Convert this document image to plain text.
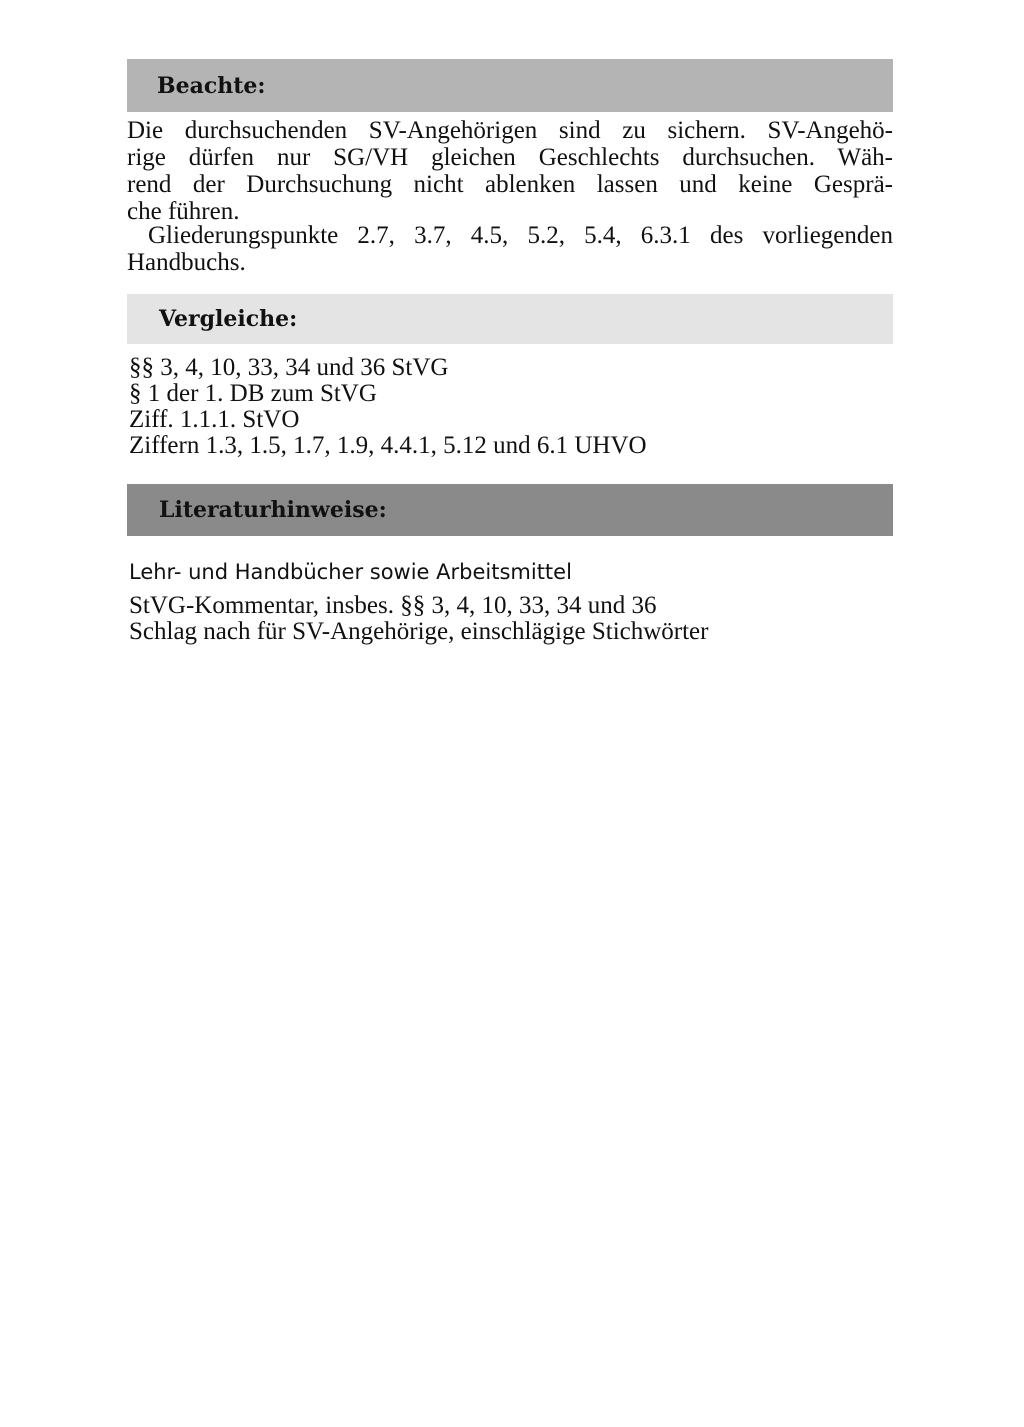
Beachte:

Die durchsuchenden SV-Angehörigen sind zu sichern. SV-Angehö-
rige dürfen nur SG/VH gleichen Geschlechts durchsuchen. Wäh-
rend der Durchsuchung nicht ablenken lassen und keine Gesprä-
che führen.

Gliederungspunkte 2.7, 3.7, 4.5, 5.2, 5.4, 6.3.1 des vorliegenden
Handbuchs.

Vergleiche:
§§ 3, 4, 10, 33, 34 und 36 StVG
§ 1 der 1. DB zum StVG
Ziff. 1.1.1. StVO
Ziffern 1.3, 1.5, 1.7, 1.9, 4.4.1, 5.12 und 6.1 UHVO
Literaturhinweise:

Lehr- und Handbücher sowie Arbeitsmittel

StVG-Kommentar, insbes. §§ 3, 4, 10, 33, 34 und 36
Schlag nach für SV-Angehörige, einschlägige Stichwörter
